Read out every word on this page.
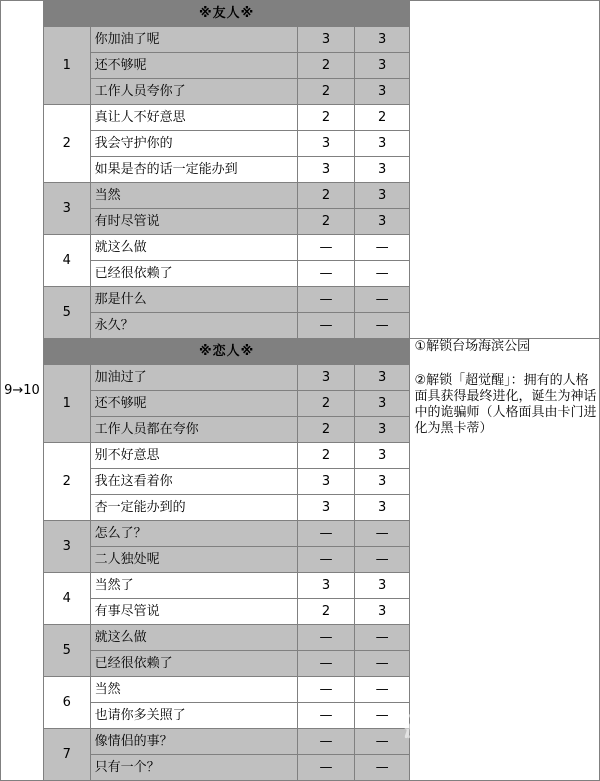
9→10	※友人※				
	1	你加油了呢	3	3	
		还不够呢	2	3	
		工作人员夸你了	2	3	
	2	真让人不好意思	2	2	
		我会守护你的	3	3	
		如果是杏的话一定能办到	3	3	
	3	当然	2	3	
		有时尽管说	2	3	
	4	就这么做	—	—	
		已经很依赖了	—	—	
	5	那是什么	—	—	
		永久？	—	—	
	※恋人※				①解锁台场海滨公园
②解锁「超觉醒」：拥有的人格面具获得最终进化，诞生为神话中的诡骗师（人格面具由卡门进化为黑卡蒂）

	1	加油过了	3	3	
		还不够呢	2	3	
		工作人员都在夸你	2	3	
	2	别不好意思	2	3	
		我在这看着你	3	3	
		杏一定能办到的	3	3	
	3	怎么了？	—	—	
		二人独处呢	—	—	
	4	当然了	3	3	
		有事尽管说	2	3	
	5	就这么做	—	—	
		已经很依赖了	—	—	
	6	当然	—	—	
		也请你多关照了	—	—	
	7	像情侣的事？	—	—	
		只有一个？	—	—	
游民攻略组
